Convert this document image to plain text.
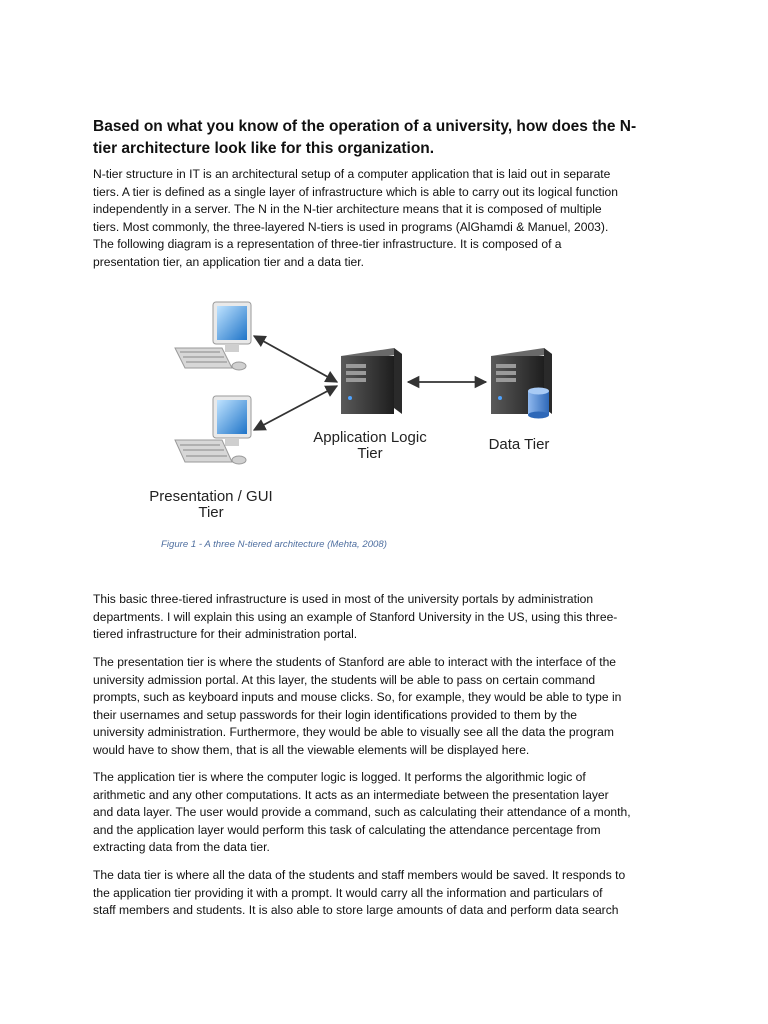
Based on what you know of the operation of a university, how does the N-
tier architecture look like for this organization.

N-tier structure in IT is an architectural setup of a computer application that is laid out in separate
tiers. A tier is defined as a single layer of infrastructure which is able to carry out its logical function
independently in a server. The N in the N-tier architecture means that it is composed of multiple
tiers. Most commonly, the three-layered N-tiers is used in programs (AlGhamdi & Manuel, 2003).
The following diagram is a representation of three-tier infrastructure. It is composed of a
presentation tier, an application tier and a data tier.

Application Logic
Tier
Data Tier
Presentation / GUI
Tier

Figure 1 - A three N-tiered architecture (Mehta, 2008)

This basic three-tiered infrastructure is used in most of the university portals by administration
departments. I will explain this using an example of Stanford University in the US, using this three-
tiered infrastructure for their administration portal.

The presentation tier is where the students of Stanford are able to interact with the interface of the
university admission portal. At this layer, the students will be able to pass on certain command
prompts, such as keyboard inputs and mouse clicks. So, for example, they would be able to type in
their usernames and setup passwords for their login identifications provided to them by the
university administration. Furthermore, they would be able to visually see all the data the program
would have to show them, that is all the viewable elements will be displayed here.

The application tier is where the computer logic is logged. It performs the algorithmic logic of
arithmetic and any other computations. It acts as an intermediate between the presentation layer
and data layer. The user would provide a command, such as calculating their attendance of a month,
and the application layer would perform this task of calculating the attendance percentage from
extracting data from the data tier.

The data tier is where all the data of the students and staff members would be saved. It responds to
the application tier providing it with a prompt. It would carry all the information and particulars of
staff members and students. It is also able to store large amounts of data and perform data search
